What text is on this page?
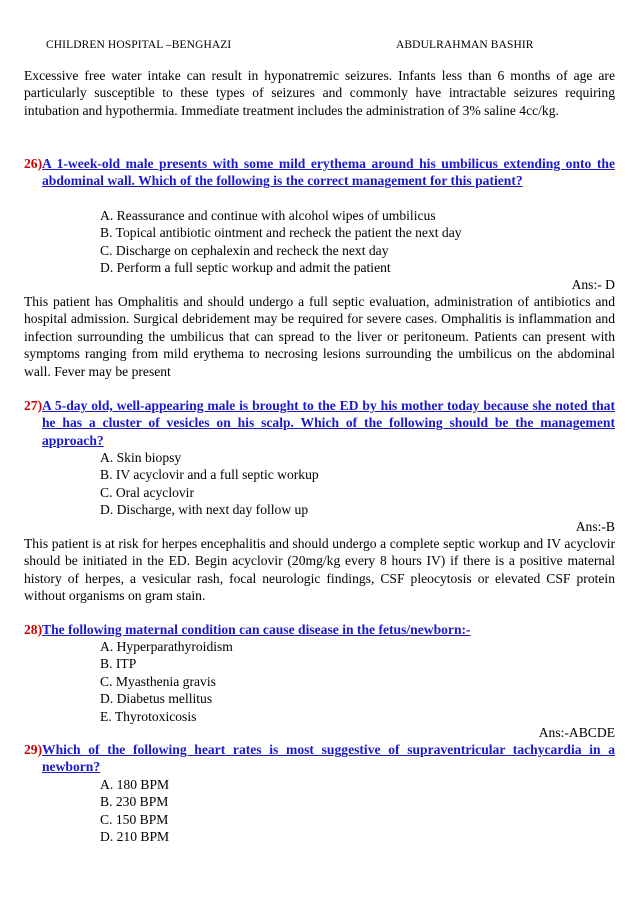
CHILDREN HOSPITAL –BENGHAZI	ABDULRAHMAN BASHIR

Excessive free water intake can result in hyponatremic seizures. Infants less than 6 months of age are particularly susceptible to these types of seizures and commonly have intractable seizures requiring intubation and hypothermia. Immediate treatment includes the administration of 3% saline 4cc/kg.

26) A 1-week-old male presents with some mild erythema around his umbilicus extending onto the abdominal wall. Which of the following is the correct management for this patient?
A. Reassurance and continue with alcohol wipes of umbilicus
B. Topical antibiotic ointment and recheck the patient the next day
C. Discharge on cephalexin and recheck the next day
D. Perform a full septic workup and admit the patient
Ans:- D

This patient has Omphalitis and should undergo a full septic evaluation, administration of antibiotics and hospital admission. Surgical debridement may be required for severe cases. Omphalitis is inflammation and infection surrounding the umbilicus that can spread to the liver or peritoneum. Patients can present with symptoms ranging from mild erythema to necrosing lesions surrounding the umbilicus on the abdominal wall. Fever may be present

27) A 5-day old, well-appearing male is brought to the ED by his mother today because she noted that he has a cluster of vesicles on his scalp. Which of the following should be the management approach?
A. Skin biopsy
B. IV acyclovir and a full septic workup
C. Oral acyclovir
D. Discharge, with next day follow up
Ans:-B

This patient is at risk for herpes encephalitis and should undergo a complete septic workup and IV acyclovir should be initiated in the ED. Begin acyclovir (20mg/kg every 8 hours IV) if there is a positive maternal history of herpes, a vesicular rash, focal neurologic findings, CSF pleocytosis or elevated CSF protein without organisms on gram stain.

28) The following maternal condition can cause disease in the fetus/newborn:-
A. Hyperparathyroidism
B. ITP
C. Myasthenia gravis
D. Diabetus mellitus
E. Thyrotoxicosis
Ans:-ABCDE
29) Which of the following heart rates is most suggestive of supraventricular tachycardia in a newborn?
A. 180 BPM
B. 230 BPM
C. 150 BPM
D. 210 BPM
